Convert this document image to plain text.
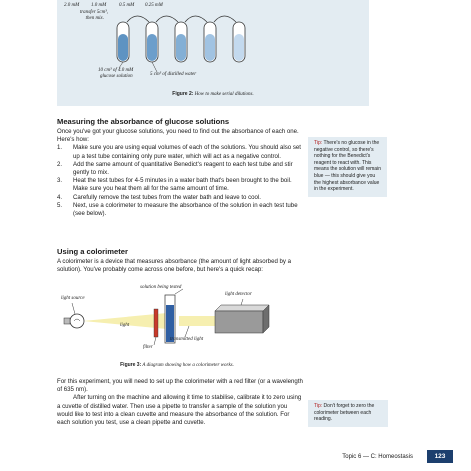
2.0 mM 1.0 mM	0.5 mM 0.25 mM
transfer 5cm³,
then mix.
10 cm³ of 4.0 mM
glucose solution	5 cm³ of distilled water
Figure 2: How to make serial dilutions.
Measuring the absorbance of glucose solutions

Once you've got your glucose solutions, you need to find out the absorbance of each one. Here's how:

1. Make sure you are using equal volumes of each of the solutions. You should also set up a test tube containing only pure water, which will act as a negative control.
2. Add the same amount of quantitative Benedict's reagent to each test tube and stir gently to mix.
3. Heat the test tubes for 4-5 minutes in a water bath that's been brought to the boil. Make sure you heat them all for the same amount of time.
4. Carefully remove the test tubes from the water bath and leave to cool.
5. Next, use a colorimeter to measure the absorbance of the solution in each test tube (see below).
Tip: There's no glucose in the negative control, so there's nothing for the Benedict's reagent to react with. This means the solution will remain blue — this should give you the highest absorbance value in the experiment.
Using a colorimeter
A colorimeter is a device that measures absorbance (the amount of light absorbed by a solution). You've probably come across one before, but here's a quick recap:
solution being tested
light detector
light source
light
filter
transmitted light
Figure 3: A diagram showing how a colorimeter works.

For this experiment, you will need to set up the colorimeter with a red filter (or a wavelength of 635 nm).

After turning on the machine and allowing it time to stabilise, calibrate it to zero using a cuvette of distilled water. Then use a pipette to transfer a sample of the solution you would like to test into a clean cuvette and measure the absorbance of the solution. For each solution you test, use a clean pipette and cuvette.

Tip: Don't forget to zero the colorimeter between each reading.
Topic 6 — C: Homeostasis	123
